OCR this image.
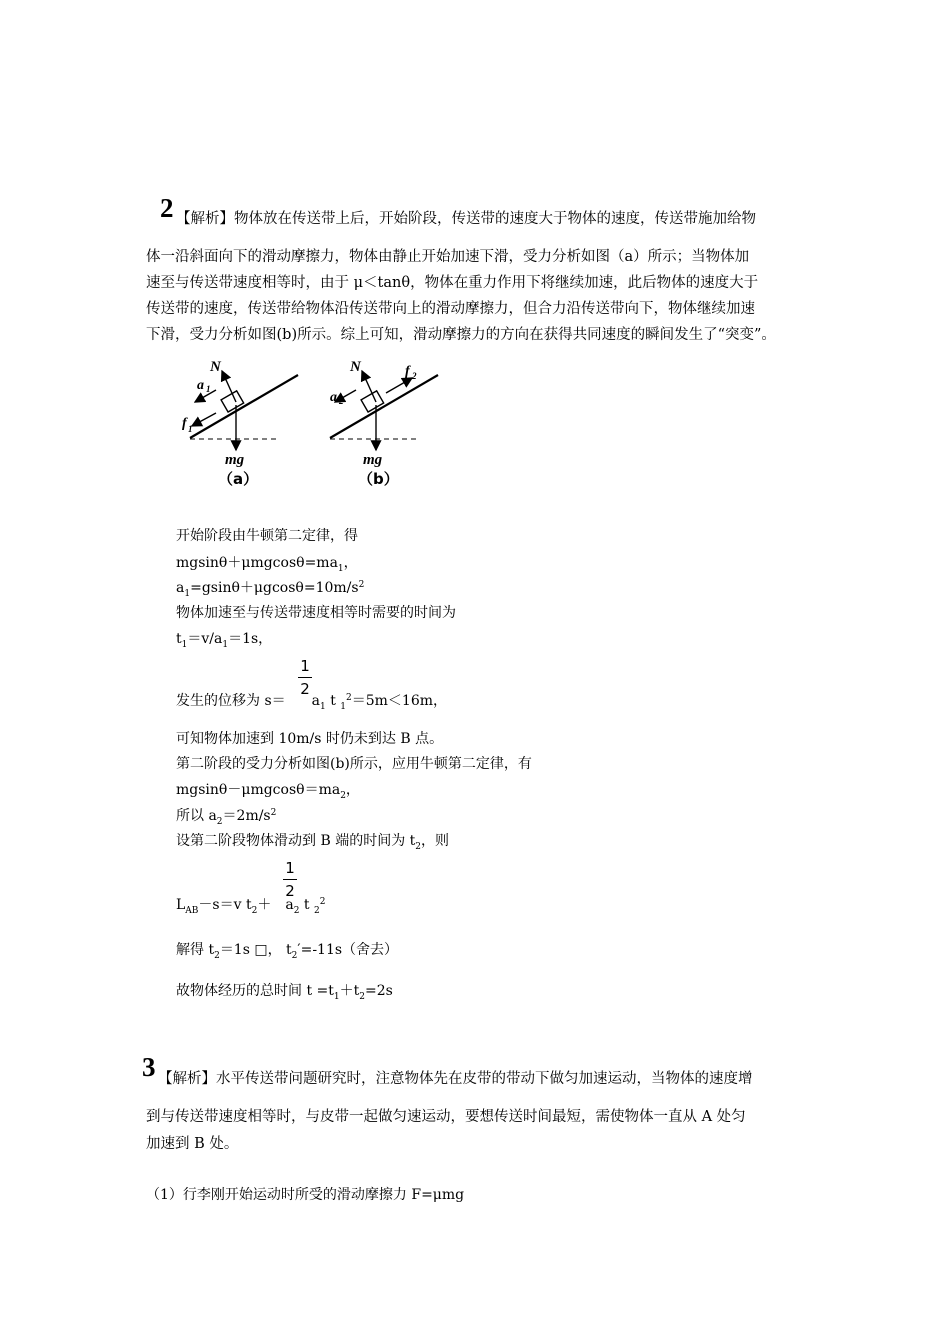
2 【解析】物体放在传送带上后，开始阶段，传送带的速度大于物体的速度，传送带施加给物
体一沿斜面向下的滑动摩擦力，物体由静止开始加速下滑，受力分析如图（a）所示；当物体加
速至与传送带速度相等时，由于 μ＜tanθ，物体在重力作用下将继续加速，此后物体的速度大于
传送带的速度，传送带给物体沿传送带向上的滑动摩擦力，但合力沿传送带向下，物体继续加速
下滑，受力分析如图(b)所示。综上可知，滑动摩擦力的方向在获得共同速度的瞬间发生了“突变”。
N
a 1
f 1
mg
（a）
N
a 2
f 2
mg
（b）
开始阶段由牛顿第二定律，得
$mgsin\theta+\mu mgcos\theta=ma_1$，
$a_1=gsin\theta+\mu gcos\theta=10m/s^2$
物体加速至与传送带速度相等时需要的时间为
$t_1=v/a_1=1s$，
1
2
发生的位移为 $s= a_1$ t $_1^2$＝5m＜16m，
可知物体加速到 10m/s 时仍未到达 B 点。
第二阶段的受力分析如图(b)所示，应用牛顿第二定律，有
$mgsin\theta-\mu mgcos\theta=ma_2$，
所以 $a_2=2m/s^2$
设第二阶段物体滑动到 B 端的时间为 $t_2$，则
1
2
$L_{AB}-s=v$ $t_2+ a_2$ t $_2^2$
解得 $t_2=1s$ □， $t_2'=-11s$（舍去）
故物体经历的总时间 $t =t_1+t_2=2s$
3 【解析】水平传送带问题研究时，注意物体先在皮带的带动下做匀加速运动，当物体的速度增
到与传送带速度相等时，与皮带一起做匀速运动，要想传送时间最短，需使物体一直从 A 处匀
加速到 B 处。
（1）行李刚开始运动时所受的滑动摩擦力 F=μmg
